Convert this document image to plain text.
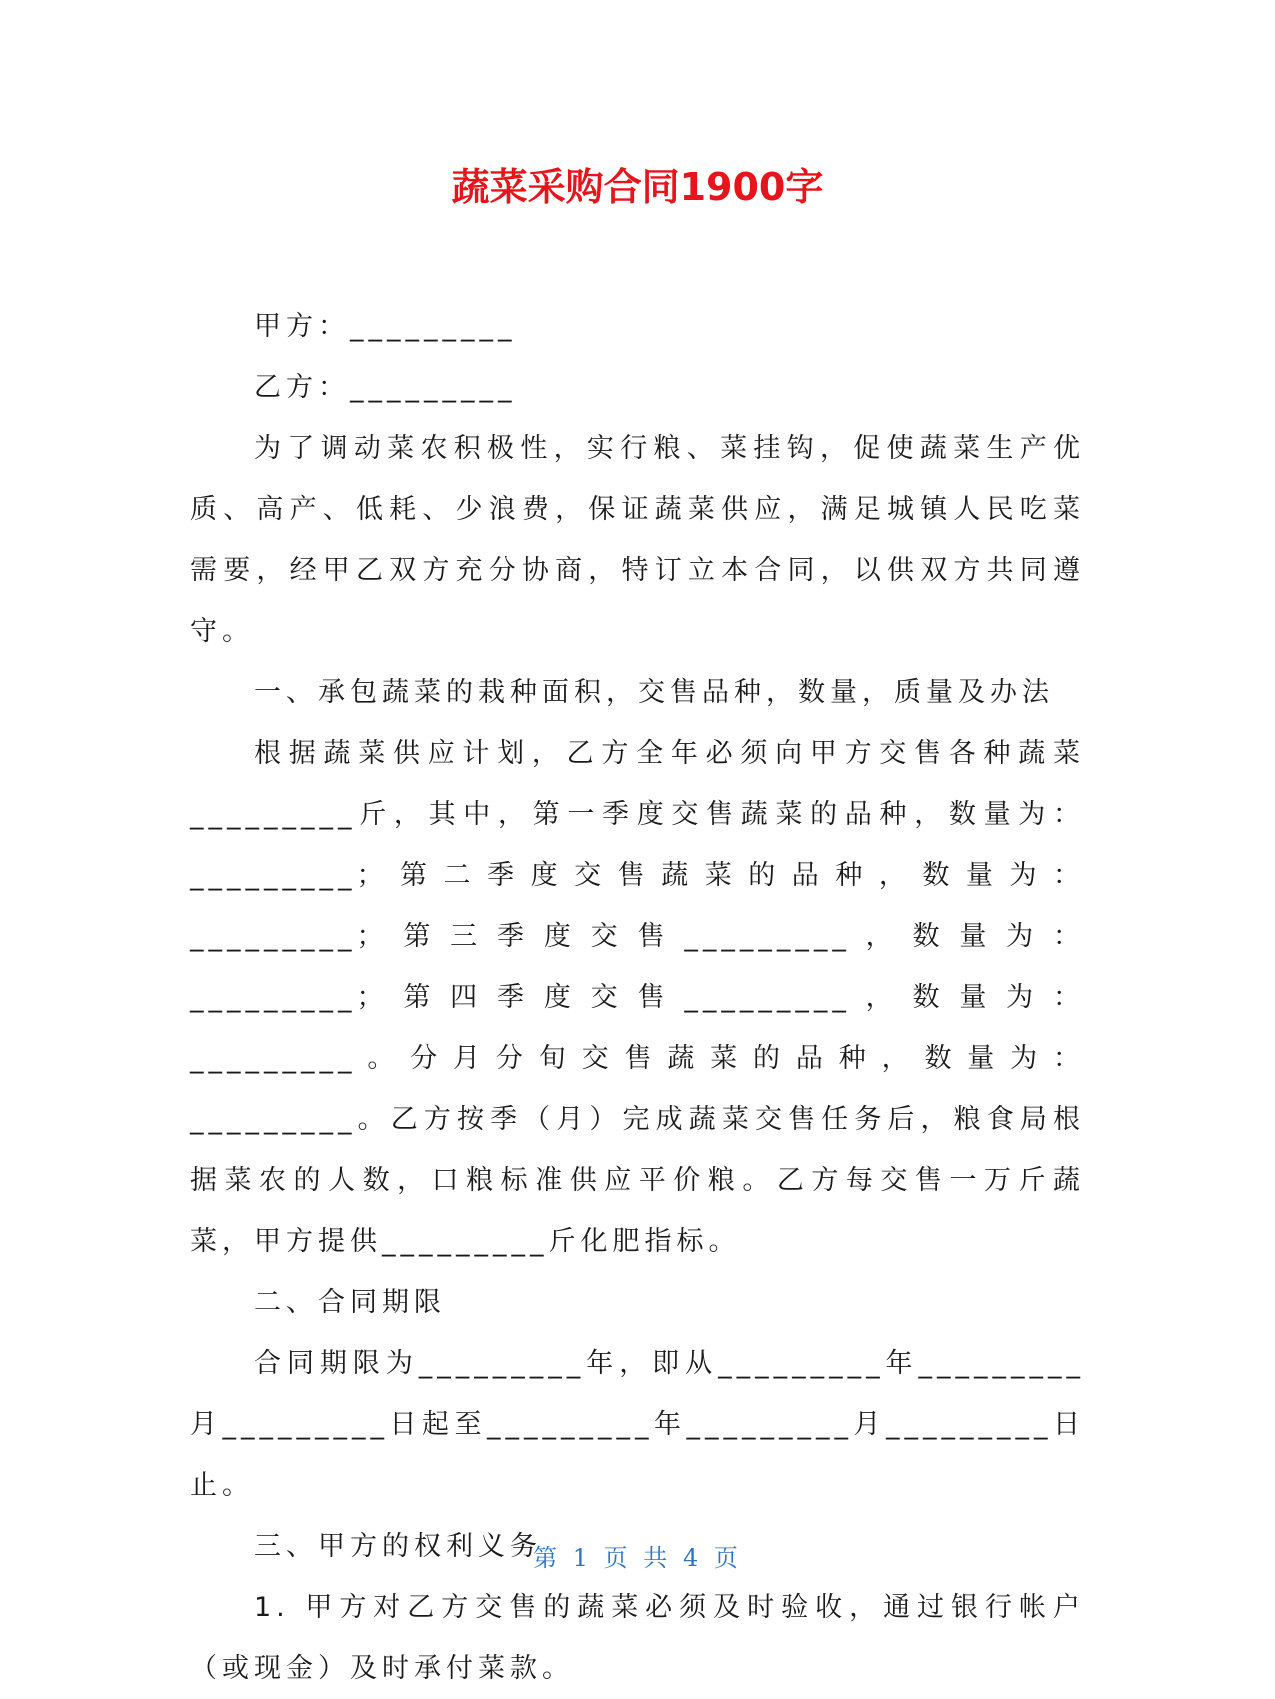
蔬菜采购合同1900字

甲方：_________

乙方：_________

为了调动菜农积极性，实行粮、菜挂钩，促使蔬菜生产优质、高产、低耗、少浪费，保证蔬菜供应，满足城镇人民吃菜需要，经甲乙双方充分协商，特订立本合同，以供双方共同遵守。

一、承包蔬菜的栽种面积，交售品种，数量，质量及办法

根据蔬菜供应计划，乙方全年必须向甲方交售各种蔬菜_________斤，其中，第一季度交售蔬菜的品种，数量为：_________；第二季度交售蔬菜的品种，数量为：_________；第三季度交售_________，数量为：_________；第四季度交售_________，数量为：_________。分月分旬交售蔬菜的品种，数量为：_________。乙方按季（月）完成蔬菜交售任务后，粮食局根据菜农的人数，口粮标准供应平价粮。乙方每交售一万斤蔬菜，甲方提供_________斤化肥指标。

二、合同期限

合同期限为_________年，即从_________年_________月_________日起至_________年_________月_________日止。

三、甲方的权利义务

1. 甲方对乙方交售的蔬菜必须及时验收，通过银行帐户（或现金）及时承付菜款。

第 1 页 共 4 页
